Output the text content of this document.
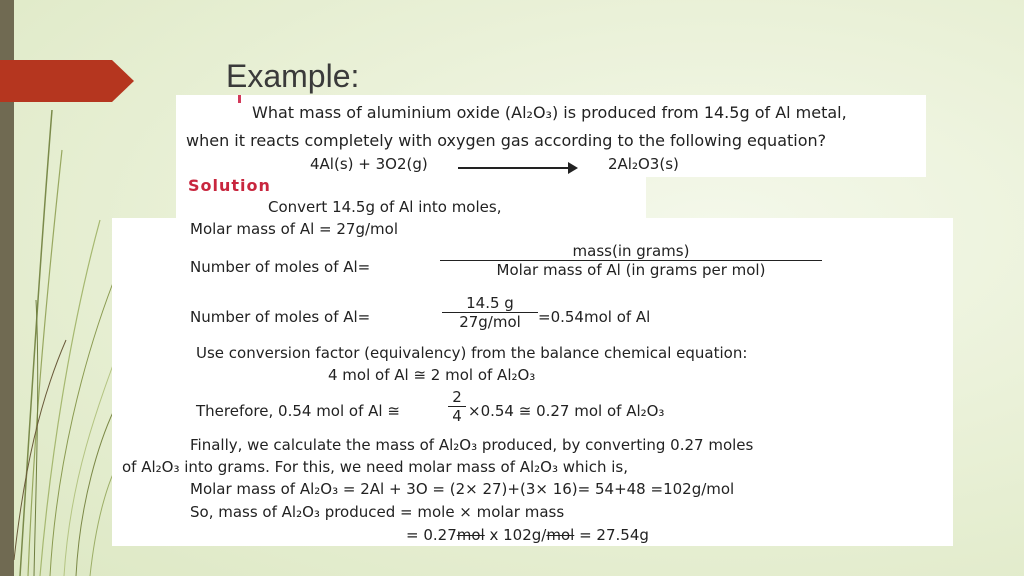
Example:
What mass of aluminium oxide (Al₂O₃) is produced from 14.5g of Al metal,
when it reacts completely with oxygen gas according to the following equation?
4Al(s) + 3O2(g)	2Al₂O3(s)
Solution
Convert 14.5g of Al into moles,
Molar mass of Al = 27g/mol
Number of moles of Al=
mass(in grams)
Molar mass of Al (in grams per mol)
Number of moles of Al=
14.5 g
27g/mol	=0.54mol of Al
Use conversion factor (equivalency) from the balance chemical equation:
4 mol of Al ≅ 2 mol of Al₂O₃
Therefore, 0.54 mol of Al ≅
2
4 ×0.54 ≅ 0.27 mol of Al₂O₃
Finally, we calculate the mass of Al₂O₃ produced, by converting 0.27 moles
of Al₂O₃ into grams. For this, we need molar mass of Al₂O₃ which is,
Molar mass of Al₂O₃ = 2Al + 3O = (2× 27)+(3× 16)= 54+48 =102g/mol
So, mass of Al₂O₃ produced = mole × molar mass
= 0.27mol x 102g/mol = 27.54g
